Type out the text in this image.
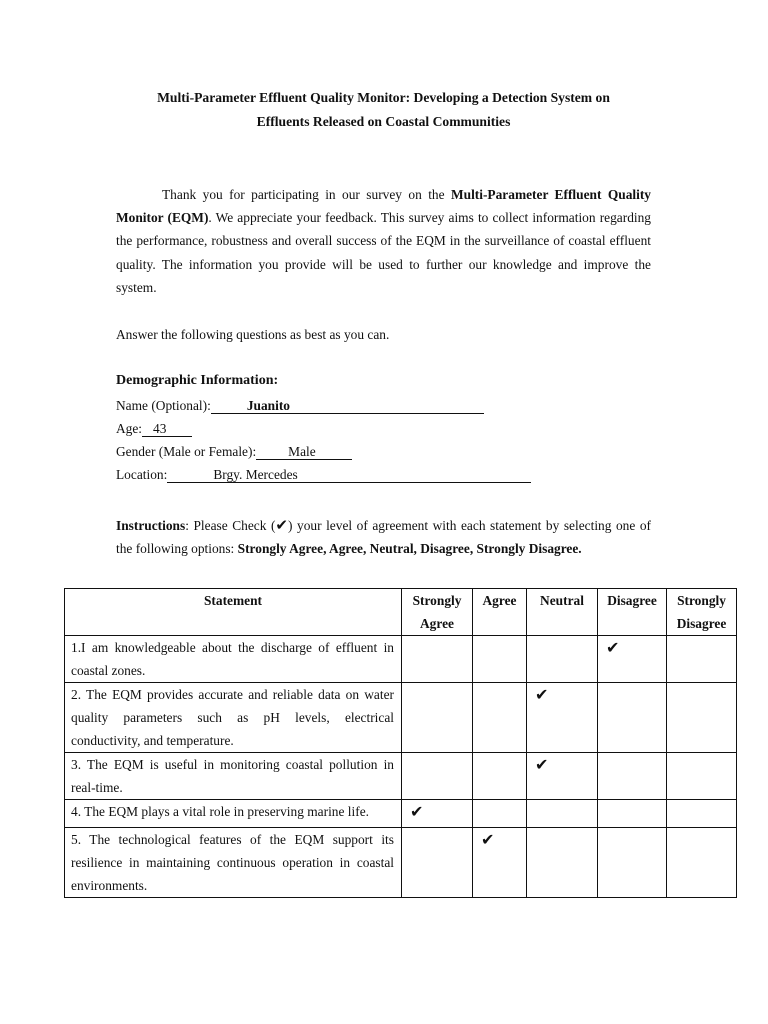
Multi-Parameter Effluent Quality Monitor: Developing a Detection System on
Effluents Released on Coastal Communities

Thank you for participating in our survey on the Multi-Parameter Effluent Quality Monitor (EQM). We appreciate your feedback. This survey aims to collect information regarding the performance, robustness and overall success of the EQM in the surveillance of coastal effluent quality. The information you provide will be used to further our knowledge and improve the system.

Answer the following questions as best as you can.

Demographic Information:
Name (Optional):	Juanito
Age: 43
Gender (Male or Female): Male
Location:	Brgy. Mercedes

Instructions: Please Check (✔) your level of agreement with each statement by selecting one of the following options: Strongly Agree, Agree, Neutral, Disagree, Strongly Disagree.

Statement	Strongly Agree	Agree	Neutral	Disagree	Strongly Disagree
1.I am knowledgeable about the discharge of effluent in coastal zones.				✔	
2. The EQM provides accurate and reliable data on water quality parameters such as pH levels, electrical conductivity, and temperature.			✔		
3. The EQM is useful in monitoring coastal pollution in real-time.			✔		
4. The EQM plays a vital role in preserving marine life.	✔				
5. The technological features of the EQM support its resilience in maintaining continuous operation in coastal environments.		✔			
